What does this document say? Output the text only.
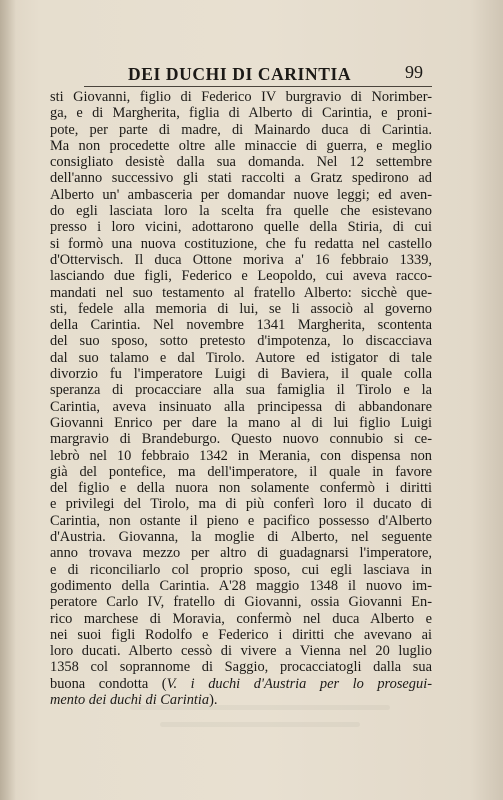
DEI DUCHI DI CARINTIA	99
sti Giovanni, figlio di Federico IV burgravio di Norimber-
ga, e di Margherita, figlia di Alberto di Carintia, e proni-
pote, per parte di madre, di Mainardo duca di Carintia.
Ma non procedette oltre alle minaccie di guerra, e meglio
consigliato desistè dalla sua domanda. Nel 12 settembre
dell'anno successivo gli stati raccolti a Gratz spedirono ad
Alberto un' ambasceria per domandar nuove leggi; ed aven-
do egli lasciata loro la scelta fra quelle che esistevano
presso i loro vicini, adottarono quelle della Stiria, di cui
si formò una nuova costituzione, che fu redatta nel castello
d'Ottervisch. Il duca Ottone moriva a' 16 febbraio 1339,
lasciando due figli, Federico e Leopoldo, cui aveva racco-
mandati nel suo testamento al fratello Alberto: sicchè que-
sti, fedele alla memoria di lui, se li associò al governo
della Carintia. Nel novembre 1341 Margherita, scontenta
del suo sposo, sotto pretesto d'impotenza, lo discacciava
dal suo talamo e dal Tirolo. Autore ed istigator di tale
divorzio fu l'imperatore Luigi di Baviera, il quale colla
speranza di procacciare alla sua famiglia il Tirolo e la
Carintia, aveva insinuato alla principessa di abbandonare
Giovanni Enrico per dare la mano al di lui figlio Luigi
margravio di Brandeburgo. Questo nuovo connubio si ce-
lebrò nel 10 febbraio 1342 in Merania, con dispensa non
già del pontefice, ma dell'imperatore, il quale in favore
del figlio e della nuora non solamente confermò i diritti
e privilegi del Tirolo, ma di più conferì loro il ducato di
Carintia, non ostante il pieno e pacifico possesso d'Alberto
d'Austria. Giovanna, la moglie di Alberto, nel seguente
anno trovava mezzo per altro di guadagnarsi l'imperatore,
e di riconciliarlo col proprio sposo, cui egli lasciava in
godimento della Carintia. A'28 maggio 1348 il nuovo im-
peratore Carlo IV, fratello di Giovanni, ossia Giovanni En-
rico marchese di Moravia, confermò nel duca Alberto e
nei suoi figli Rodolfo e Federico i diritti che avevano ai
loro ducati. Alberto cessò di vivere a Vienna nel 20 luglio
1358 col soprannome di Saggio, procacciatogli dalla sua
buona condotta (V. i duchi d'Austria per lo prosegui-
mento dei duchi di Carintia).
